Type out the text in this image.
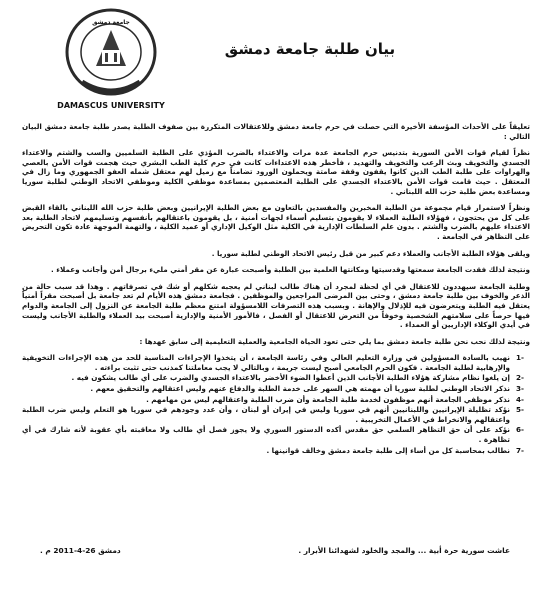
DAMASCUS UNIVERSITY
جامعة دمشق
بيان طلبة جامعة دمشق

تعليقاً على الأحداث المؤسفة الأخيرة التي حصلت في حرم جامعة دمشق وللاعتقالات المتكررة بين صفوف الطلبة يصدر طلبة جامعة دمشق البيان التالي :

نظراً لقيام قوات الأمن السورية بتدنيس حرم الجامعة عدة مرات والاعتداء بالضرب المؤذي على الطلبة السلميين والسب والشتم والاعتداء الجسدي والتخويف وبث الرعب والتخويف والتهديد ، فأخطر هذه الاعتداءات كانت في حرم كلية الطب البشري حيث هجمت قوات الأمن بالعصي والهراوات على طلبة الطب الذين كانوا يقفون وقفة صامتة ويحملون الورود تضامناً مع زميل لهم معتقل شمله العفو الجمهوري وما زال في المعتقل . حيث قامت قوات الأمن بالاعتداء الجسدي على الطلبة المعتصمين بمساعدة موظفي الكلية وموظفي الاتحاد الوطني لطلبة سوريا ومساعدة بعض طلبة حزب الله اللبناني .

ونظراً لاستمرار قيام مجموعة من الطلبة المخبرين والمفسدين بالتعاون مع بعض الطلبة الإيرانيين وبعض طلبة حزب الله اللبناني بالقاء القبض على كل من يحتجون ، فهؤلاء الطلبة العملاء لا يقومون بتسليم أسماء لجهات أمنية ، بل يقومون باعتقالهم بأنفسهم وتسليمهم لاتحاد الطلبة بعد الاعتداء عليهم بالضرب والشتم . بدون علم السلطات الإدارية في الكلية مثل الوكيل الإداري أو عميد الكلية ، والتهمة الموجهة عادة تكون التحريض على التظاهر في الجامعة .

ويلقى هؤلاء الطلبة الأجانب والعملاء دعم كبير من قبل رئيس الاتحاد الوطني لطلبة سوريا .

ونتيجة لذلك فقدت الجامعة سمعتها وقدسيتها ومكانتها العلمية بين الطلبة وأصبحت عبارة عن مقر أمني مليء برجال أمن وأجانب وعملاء .

وطلبة الجامعة سيهددون للاعتقال في أي لحظة لمجرد أن هناك طالب لبناني لم يعجبه شكلهم أو شك في تصرفاتهم . وهذا قد سبب حالة من الذعر والخوف بين طلبة جامعة دمشق ، وحتى بين المرضى المراجعين والموظفين . فجامعة دمشق هذه الأيام لم تعد جامعة بل أصبحت مقراً أمنياً يعتقل فيه الطلبة ويتعرضون فيه للإذلال والإهانة . وبسبب هذه التصرفات اللامسؤولة امتنع معظم طلبة الجامعة عن النزول إلى الجامعة والدوام فيها حرصاً على سلامتهم الشخصية وخوفاً من التعرض للاعتقال أو الفصل ، فالأمور الأمنية والإدارية أصبحت بيد العملاء والطلبة الأجانب وليست في أيدي الوكلاء الإداريين أو العمداء .

ونتيجة لذلك نحب نحن طلبة جامعة دمشق بما يلي حتى تعود الحياة الجامعية والعملية التعليمية إلى سابق عهدها :

1-
نهيب بالسادة المسؤولين في وزارة التعليم العالي وفي رئاسة الجامعة ، أن يتخذوا الإجراءات المناسبة للحد من هذه الإجراءات التخويفية والإرهابية لطلبة الجامعة . فكون الحرم الجامعي أصبح ليست جريمة ، وبالتالي لا يجب معاملتنا كمذنب حتى تثبت براءته .
2-
إن يلغوا نظام مشاركة هؤلاء الطلبة الأجانب الذين أعطوا الضوء الأخضر بالاعتداء الجسدي والضرب على أي طالب يشكون فيه .
3-
نذكر الاتحاد الوطني لطلبة سوريا أن مهمته هي السهر على خدمة الطلبة والدفاع عنهم وليس اعتقالهم والتحقيق معهم .
4-
نذكر موظفي الجامعة أنهم موظفون لخدمة طلبة الجامعة وأن ضرب الطلبة واعتقالهم ليس من مهامهم .
5-
نؤكد تظليلة الإيرانيين واللبنانيين أنهم في سوريا وليس في إيران أو لبنان ، وأن عدد وجودهم في سوريا هو التعلم وليس ضرب الطلبة واعتقالهم والانخراط في الأعمال التخريبية .
6-
نؤكد على أن حق التظاهر السلمي حق مقدس أكده الدستور السوري ولا يجوز فصل أي طالب ولا معاقبته بأي عقوبة لأنه شارك في أي تظاهرة .
7-
نطالب بمحاسبة كل من أساء إلى طلبة جامعة دمشق وخالف قوانينها .
عاشت سورية حرة أبية ... والمجد والخلود لشهدائنا الأبرار .
دمشق 26-4-2011 م .
